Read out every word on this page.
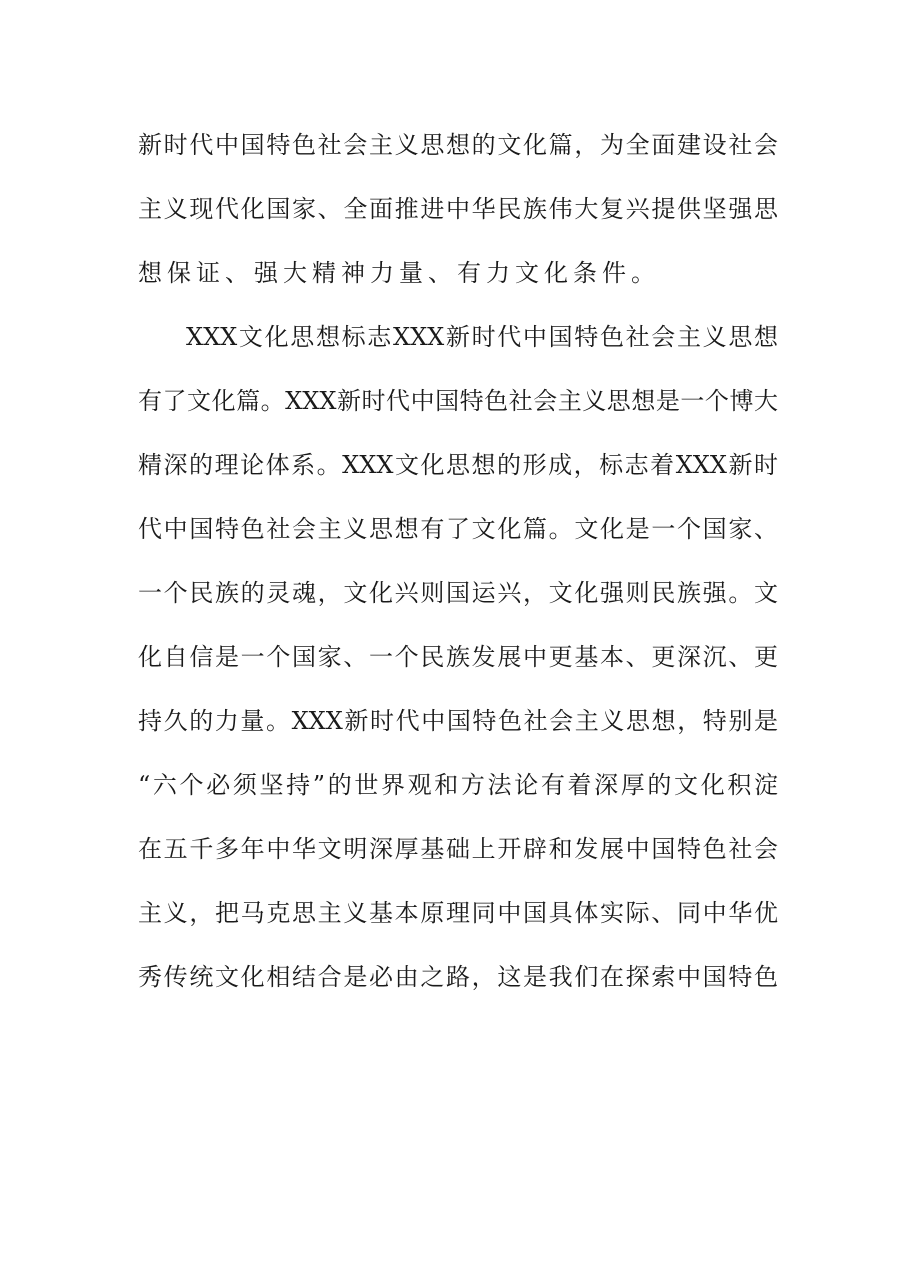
新时代中国特色社会主义思想的文化篇，为全面建设社会
主义现代化国家、全面推进中华民族伟大复兴提供坚强思
想保证、强大精神力量、有力文化条件。
XXX文化思想标志XXX新时代中国特色社会主义思想
有了文化篇。XXX新时代中国特色社会主义思想是一个博大
精深的理论体系。XXX文化思想的形成，标志着XXX新时
代中国特色社会主义思想有了文化篇。文化是一个国家、
一个民族的灵魂，文化兴则国运兴，文化强则民族强。文
化自信是一个国家、一个民族发展中更基本、更深沉、更
持久的力量。XXX新时代中国特色社会主义思想，特别是
“六个必须坚持”的世界观和方法论有着深厚的文化积淀
在五千多年中华文明深厚基础上开辟和发展中国特色社会
主义，把马克思主义基本原理同中国具体实际、同中华优
秀传统文化相结合是必由之路，这是我们在探索中国特色
